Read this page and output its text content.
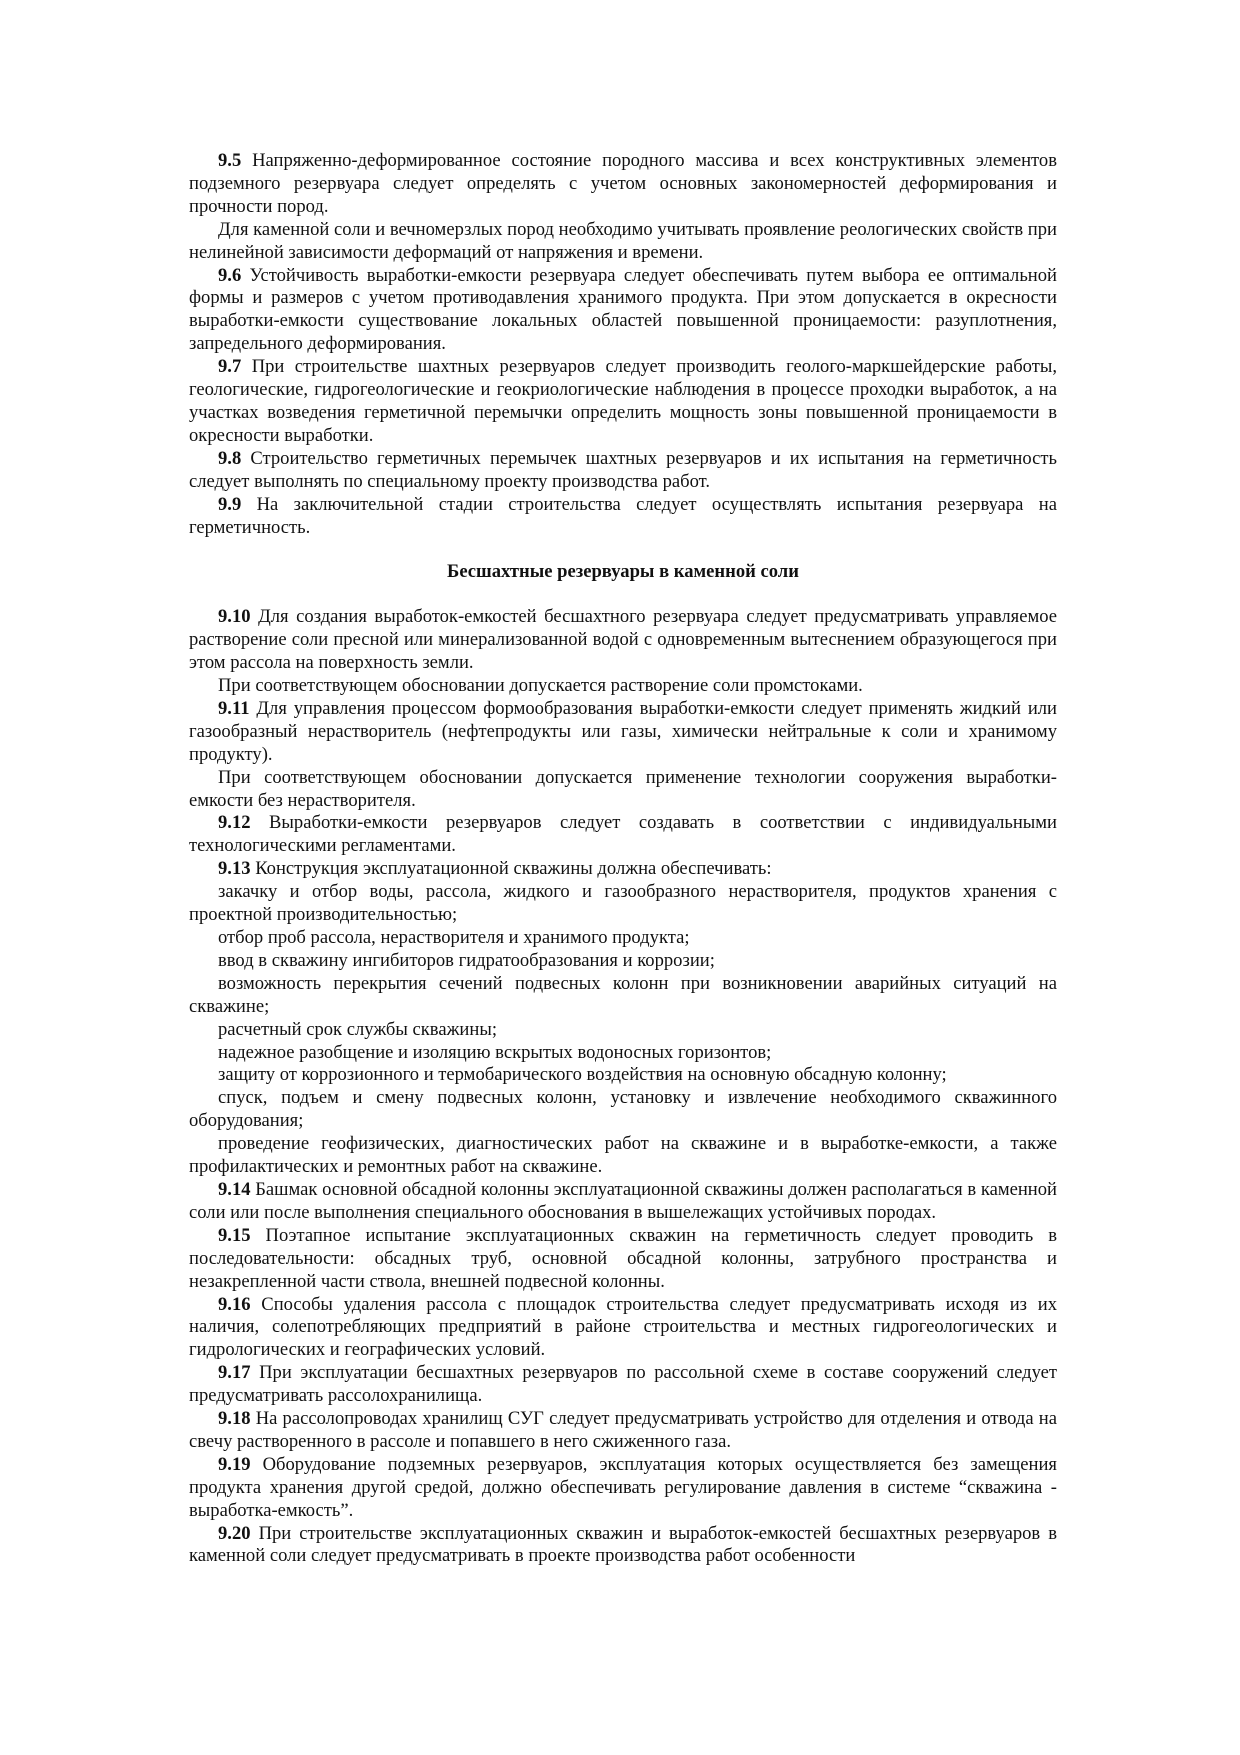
9.5 Напряженно-деформированное состояние породного массива и всех конструктивных элементов подземного резервуара следует определять с учетом основных закономерностей деформирования и прочности пород.

Для каменной соли и вечномерзлых пород необходимо учитывать проявление реологических свойств при нелинейной зависимости деформаций от напряжения и времени.

9.6 Устойчивость выработки-емкости резервуара следует обеспечивать путем выбора ее оптимальной формы и размеров с учетом противодавления хранимого продукта. При этом допускается в окресности выработки-емкости существование локальных областей повышенной проницаемости: разуплотнения, запредельного деформирования.

9.7 При строительстве шахтных резервуаров следует производить геолого-маркшейдерские работы, геологические, гидрогеологические и геокриологические наблюдения в процессе проходки выработок, а на участках возведения герметичной перемычки определить мощность зоны повышенной проницаемости в окресности выработки.

9.8 Строительство герметичных перемычек шахтных резервуаров и их испытания на герметичность следует выполнять по специальному проекту производства работ.

9.9 На заключительной стадии строительства следует осуществлять испытания резервуара на герметичность.

Бесшахтные резервуары в каменной соли

9.10 Для создания выработок-емкостей бесшахтного резервуара следует предусматривать управляемое растворение соли пресной или минерализованной водой с одновременным вытеснением образующегося при этом рассола на поверхность земли.

При соответствующем обосновании допускается растворение соли промстоками.

9.11 Для управления процессом формообразования выработки-емкости следует применять жидкий или газообразный нерастворитель (нефтепродукты или газы, химически нейтральные к соли и хранимому продукту).

При соответствующем обосновании допускается применение технологии сооружения выработки-емкости без нерастворителя.

9.12 Выработки-емкости резервуаров следует создавать в соответствии с индивидуальными технологическими регламентами.

9.13 Конструкция эксплуатационной скважины должна обеспечивать:

закачку и отбор воды, рассола, жидкого и газообразного нерастворителя, продуктов хранения с проектной производительностью;

отбор проб рассола, нерастворителя и хранимого продукта;

ввод в скважину ингибиторов гидратообразования и коррозии;

возможность перекрытия сечений подвесных колонн при возникновении аварийных ситуаций на скважине;

расчетный срок службы скважины;

надежное разобщение и изоляцию вскрытых водоносных горизонтов;

защиту от коррозионного и термобарического воздействия на основную обсадную колонну;

спуск, подъем и смену подвесных колонн, установку и извлечение необходимого скважинного оборудования;

проведение геофизических, диагностических работ на скважине и в выработке-емкости, а также профилактических и ремонтных работ на скважине.

9.14 Башмак основной обсадной колонны эксплуатационной скважины должен располагаться в каменной соли или после выполнения специального обоснования в вышележащих устойчивых породах.

9.15 Поэтапное испытание эксплуатационных скважин на герметичность следует проводить в последовательности: обсадных труб, основной обсадной колонны, затрубного пространства и незакрепленной части ствола, внешней подвесной колонны.

9.16 Способы удаления рассола с площадок строительства следует предусматривать исходя из их наличия, солепотребляющих предприятий в районе строительства и местных гидрогеологических и гидрологических и географических условий.

9.17 При эксплуатации бесшахтных резервуаров по рассольной схеме в составе сооружений следует предусматривать рассолохранилища.

9.18 На рассолопроводах хранилищ СУГ следует предусматривать устройство для отделения и отвода на свечу растворенного в рассоле и попавшего в него сжиженного газа.

9.19 Оборудование подземных резервуаров, эксплуатация которых осуществляется без замещения продукта хранения другой средой, должно обеспечивать регулирование давления в системе “скважина - выработка-емкость”.

9.20 При строительстве эксплуатационных скважин и выработок-емкостей бесшахтных резервуаров в каменной соли следует предусматривать в проекте производства работ особенности
